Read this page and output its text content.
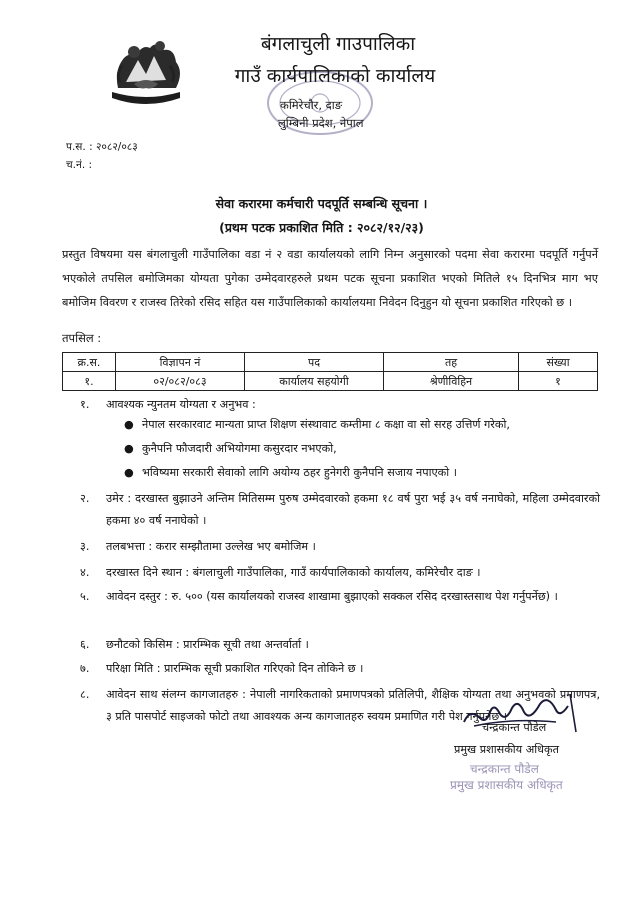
बंगलाचुली गाउपालिका
गाउँ कार्यपालिकाको कार्यालय
कमिरेचौर, दाङ
लुम्बिनी प्रदेश, नेपाल
प.स. : २०८२/०८३
च.नं. :
सेवा करारमा कर्मचारी पदपूर्ति सम्बन्धि सूचना ।
(प्रथम पटक प्रकाशित मिति : २०८२/१२/२३)
प्रस्तुत विषयमा यस बंगलाचुली गाउँपालिका वडा नं २ वडा कार्यालयको लागि निम्न अनुसारको पदमा सेवा करारमा पदपूर्ति गर्नुपर्ने भएकोले तपसिल बमोजिमका योग्यता पुगेका उम्मेदवारहरुले प्रथम पटक सूचना प्रकाशित भएको मितिले १५ दिनभित्र माग भए बमोजिम विवरण र राजस्व तिरेको रसिद सहित यस गाउँपालिकाको कार्यालयमा निवेदन दिनुहुन यो सूचना प्रकाशित गरिएको छ ।
तपसिल :
क्र.स.	विज्ञापन नं	पद	तह	संख्या
१.	०२/०८२/०८३	कार्यालय सहयोगी	श्रेणीविहिन	१
१.	आवश्यक न्युनतम योग्यता र अनुभव :
● नेपाल सरकारवाट मान्यता प्राप्त शिक्षण संस्थावाट कम्तीमा ८ कक्षा वा सो सरह उत्तिर्ण गरेको,
● कुनैपनि फौजदारी अभियोगमा कसुरदार नभएको,
● भविष्यमा सरकारी सेवाको लागि अयोग्य ठहर हुनेगरी कुनैपनि सजाय नपाएको ।
२.	उमेर : दरखास्त बुझाउने अन्तिम मितिसम्म पुरुष उम्मेदवारको हकमा १८ वर्ष पुरा भई ३५ वर्ष ननाघेको, महिला उम्मेदवारको हकमा ४० वर्ष ननाघेको ।
३.	तलबभत्ता : करार सम्झौतामा उल्लेख भए बमोजिम ।
४.	दरखास्त दिने स्थान : बंगलाचुली गाउँपालिका, गाउँ कार्यपालिकाको कार्यालय, कमिरेचौर दाङ ।
५.	आवेदन दस्तुर : रु. ५०० (यस कार्यालयको राजस्व शाखामा बुझाएको सक्कल रसिद दरखास्तसाथ पेश गर्नुपर्नेछ) ।
६.	छनौटको किसिम : प्रारम्भिक सूची तथा अन्तर्वार्ता ।
७.	परिक्षा मिति : प्रारम्भिक सूची प्रकाशित गरिएको दिन तोकिने छ ।
८.	आवेदन साथ संलग्न कागजातहरु : नेपाली नागरिकताको प्रमाणपत्रको प्रतिलिपी, शैक्षिक योग्यता तथा अनुभवको प्रमाणपत्र, ३ प्रति पासपोर्ट साइजको फोटो तथा आवश्यक अन्य कागजातहरु स्वयम प्रमाणित गरी पेश गर्नुपर्नेछ ।
चन्द्रकान्त पौडेल
प्रमुख प्रशासकीय अधिकृत
चन्द्रकान्त पौडेल
प्रमुख प्रशासकीय अधिकृत
